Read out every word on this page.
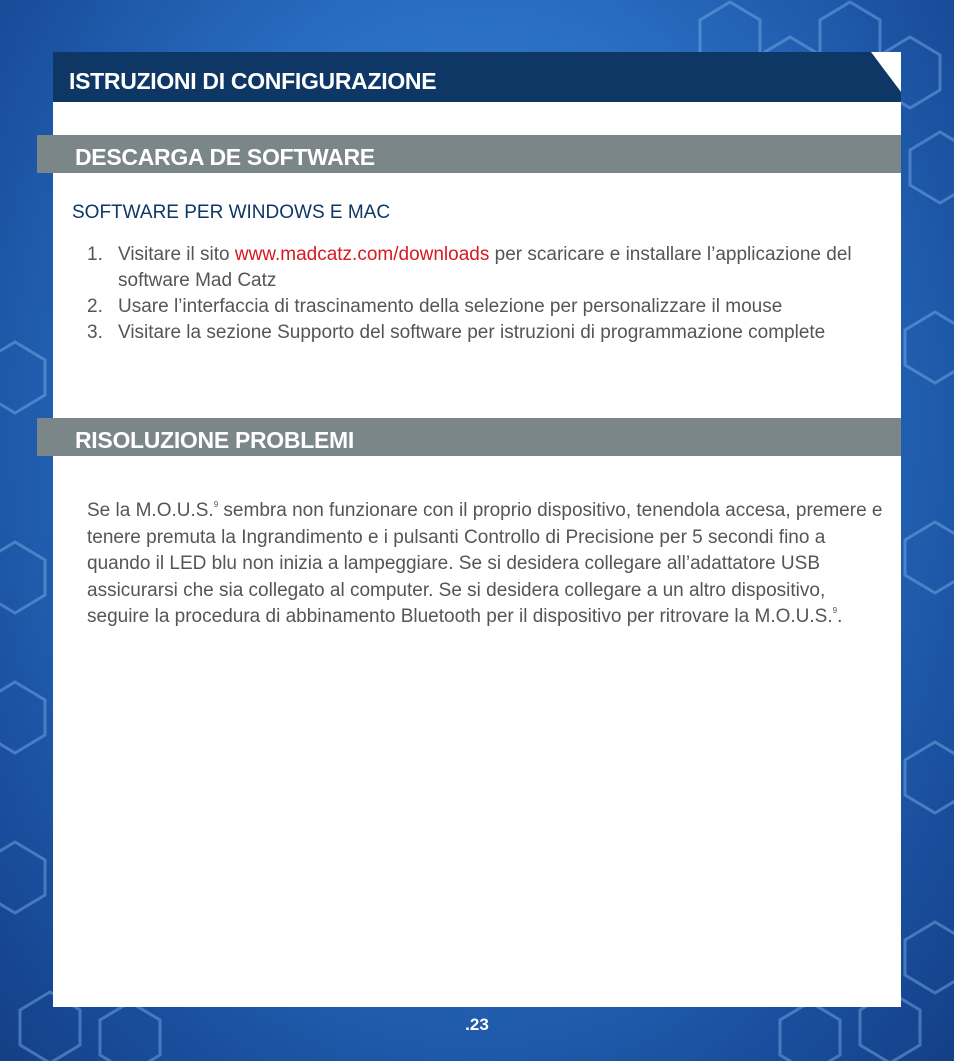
ISTRUZIONI DI CONFIGURAZIONE
DESCARGA DE SOFTWARE
SOFTWARE PER WINDOWS E MAC
1. Visitare il sito www.madcatz.com/downloads per scaricare e installare l’applicazione del software Mad Catz
2. Usare l’interfaccia di trascinamento della selezione per personalizzare il mouse
3. Visitare la sezione Supporto del software per istruzioni di programmazione complete
RISOLUZIONE PROBLEMI

Se la M.O.U.S.$^9$ sembra non funzionare con il proprio dispositivo, tenendola accesa, premere e tenere premuta la Ingrandimento e i pulsanti Controllo di Precisione per 5 secondi fino a quando il LED blu non inizia a lampeggiare. Se si desidera collegare all’adattatore USB assicurarsi che sia collegato al computer. Se si desidera collegare a un altro dispositivo, seguire la procedura di abbinamento Bluetooth per il dispositivo per ritrovare la M.O.U.S.$^9$.

.23
